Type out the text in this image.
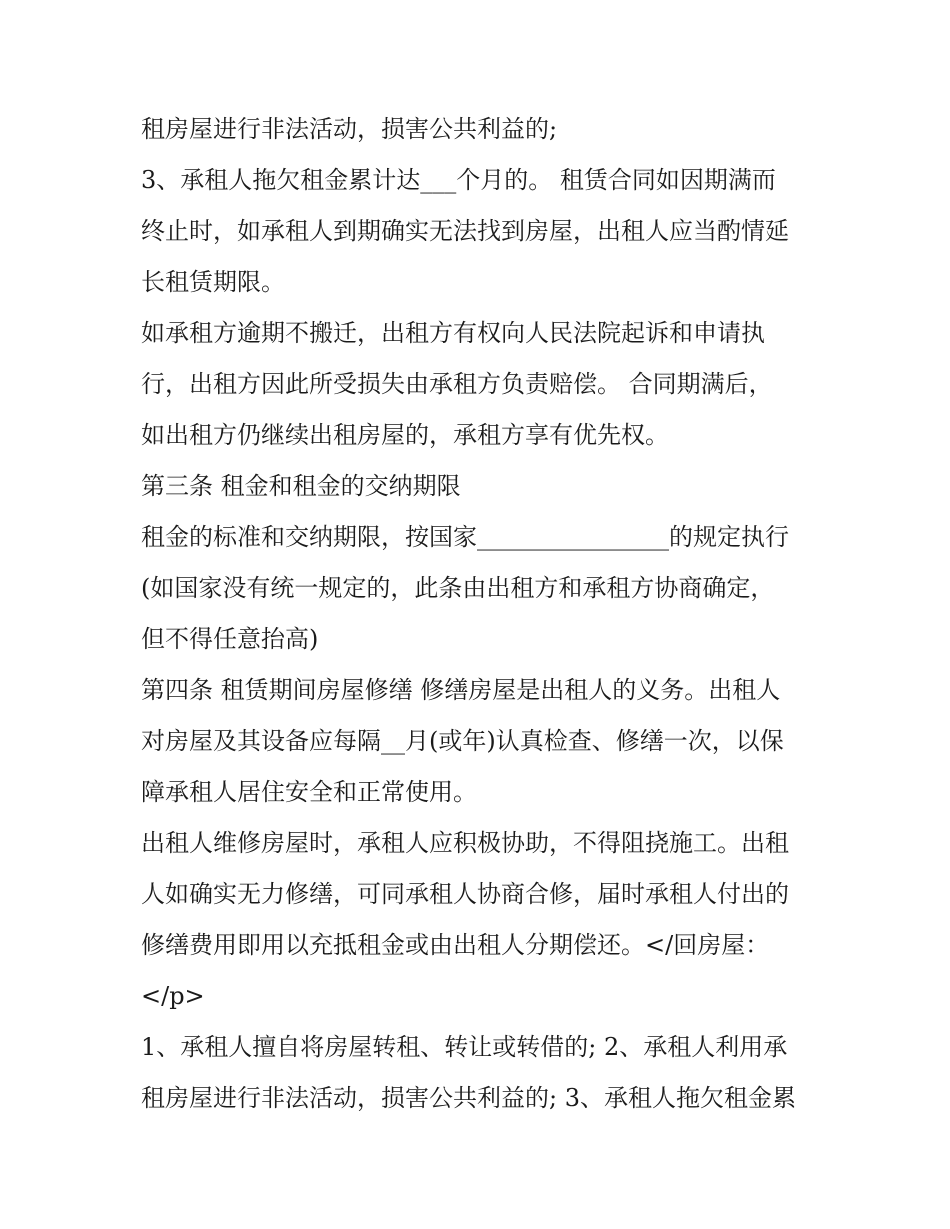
租房屋进行非法活动，损害公共利益的;
3、承租人拖欠租金累计达___个月的。 租赁合同如因期满而
终止时，如承租人到期确实无法找到房屋，出租人应当酌情延
长租赁期限。
如承租方逾期不搬迁，出租方有权向人民法院起诉和申请执
行，出租方因此所受损失由承租方负责赔偿。 合同期满后，
如出租方仍继续出租房屋的，承租方享有优先权。
第三条 租金和租金的交纳期限
租金的标准和交纳期限，按国家________________的规定执行
(如国家没有统一规定的，此条由出租方和承租方协商确定，
但不得任意抬高)
第四条 租赁期间房屋修缮 修缮房屋是出租人的义务。出租人
对房屋及其设备应每隔__月(或年)认真检查、修缮一次，以保
障承租人居住安全和正常使用。
出租人维修房屋时，承租人应积极协助，不得阻挠施工。出租
人如确实无力修缮，可同承租人协商合修，届时承租人付出的
修缮费用即用以充抵租金或由出租人分期偿还。</回房屋：
</p>
1、承租人擅自将房屋转租、转让或转借的; 2、承租人利用承
租房屋进行非法活动，损害公共利益的; 3、承租人拖欠租金累
